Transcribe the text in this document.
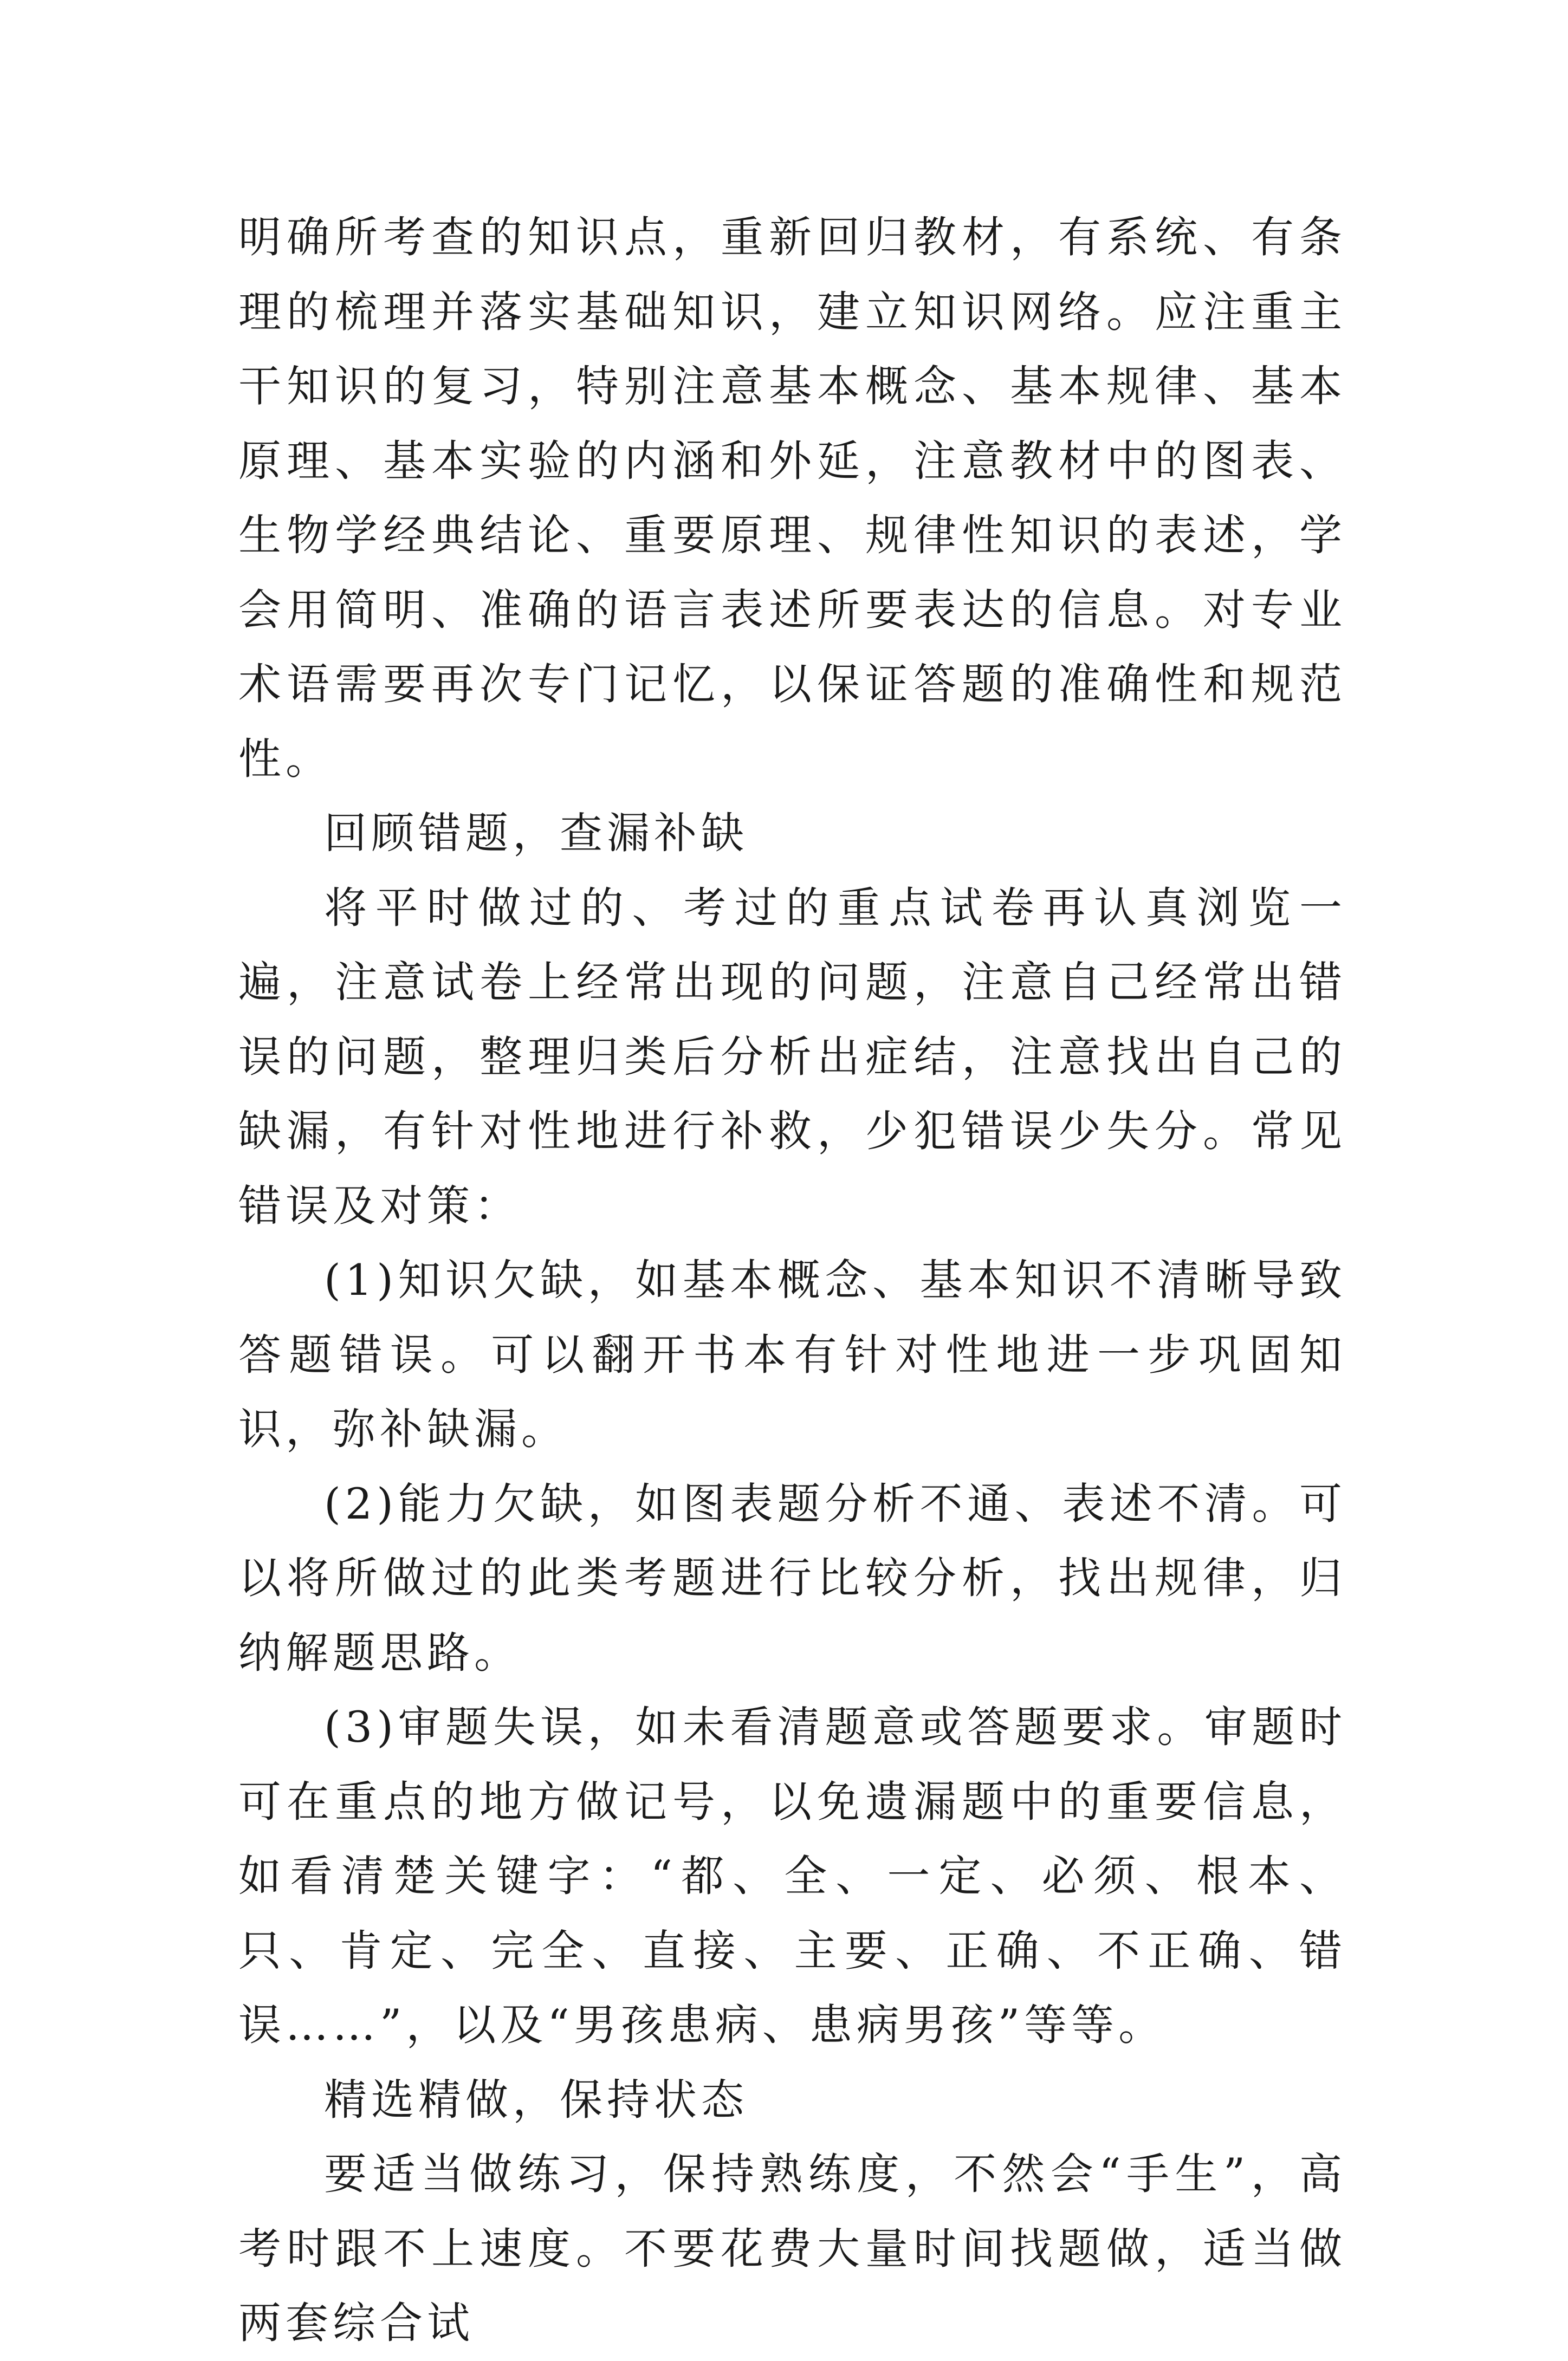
明确所考查的知识点，重新回归教材，有系统、有条理的梳理并落实基础知识，建立知识网络。应注重主干知识的复习，特别注意基本概念、基本规律、基本原理、基本实验的内涵和外延，注意教材中的图表、生物学经典结论、重要原理、规律性知识的表述，学会用简明、准确的语言表述所要表达的信息。对专业术语需要再次专门记忆，以保证答题的准确性和规范性。

回顾错题，查漏补缺

将平时做过的、考过的重点试卷再认真浏览一遍，注意试卷上经常出现的问题，注意自己经常出错误的问题，整理归类后分析出症结，注意找出自己的缺漏，有针对性地进行补救，少犯错误少失分。常见错误及对策：

(1)知识欠缺，如基本概念、基本知识不清晰导致答题错误。可以翻开书本有针对性地进一步巩固知识，弥补缺漏。

(2)能力欠缺，如图表题分析不通、表述不清。可以将所做过的此类考题进行比较分析，找出规律，归纳解题思路。

(3)审题失误，如未看清题意或答题要求。审题时可在重点的地方做记号，以免遗漏题中的重要信息，如看清楚关键字：“都、全、一定、必须、根本、只、肯定、完全、直接、主要、正确、不正确、错误……”，以及“男孩患病、患病男孩”等等。

精选精做，保持状态

要适当做练习，保持熟练度，不然会“手生”，高考时跟不上速度。不要花费大量时间找题做，适当做两套综合试
